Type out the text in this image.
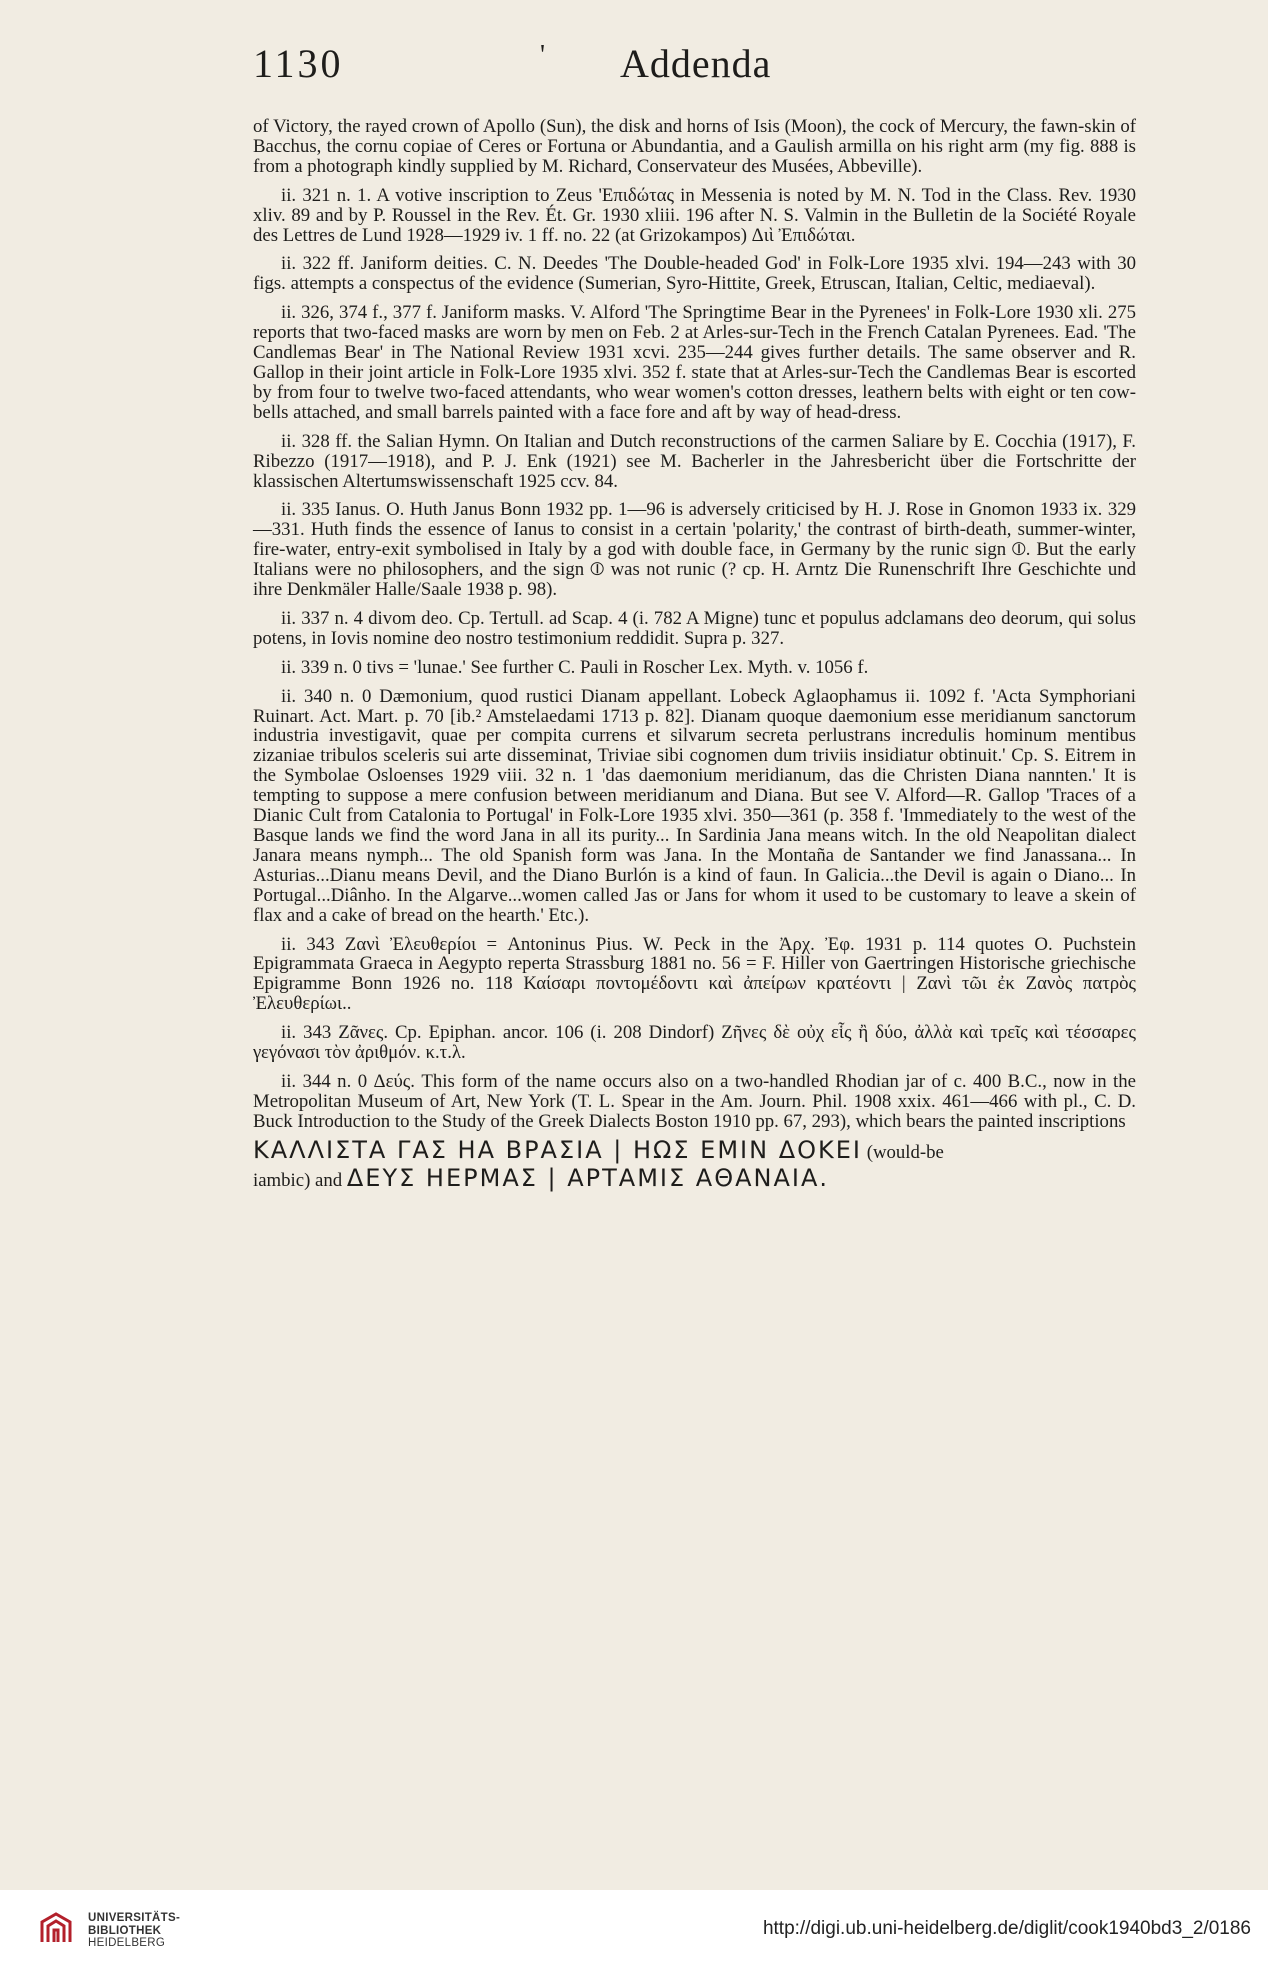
1130	' Addenda

of Victory, the rayed crown of Apollo (Sun), the disk and horns of Isis (Moon), the cock of Mercury, the fawn-skin of Bacchus, the cornu copiae of Ceres or Fortuna or Abundantia, and a Gaulish armilla on his right arm (my fig. 888 is from a photograph kindly supplied by M. Richard, Conservateur des Musées, Abbeville).

ii. 321 n. 1. A votive inscription to Zeus 'Επιδώτας in Messenia is noted by M. N. Tod in the Class. Rev. 1930 xliv. 89 and by P. Roussel in the Rev. Ét. Gr. 1930 xliii. 196 after N. S. Valmin in the Bulletin de la Société Royale des Lettres de Lund 1928—1929 iv. 1 ff. no. 22 (at Grizokampos) Διὶ Ἐπιδώται.

ii. 322 ff. Janiform deities. C. N. Deedes 'The Double-headed God' in Folk-Lore 1935 xlvi. 194—243 with 30 figs. attempts a conspectus of the evidence (Sumerian, Syro-Hittite, Greek, Etruscan, Italian, Celtic, mediaeval).

ii. 326, 374 f., 377 f. Janiform masks. V. Alford 'The Springtime Bear in the Pyrenees' in Folk-Lore 1930 xli. 275 reports that two-faced masks are worn by men on Feb. 2 at Arles-sur-Tech in the French Catalan Pyrenees. Ead. 'The Candlemas Bear' in The National Review 1931 xcvi. 235—244 gives further details. The same observer and R. Gallop in their joint article in Folk-Lore 1935 xlvi. 352 f. state that at Arles-sur-Tech the Candlemas Bear is escorted by from four to twelve two-faced attendants, who wear women's cotton dresses, leathern belts with eight or ten cow-bells attached, and small barrels painted with a face fore and aft by way of head-dress.

ii. 328 ff. the Salian Hymn. On Italian and Dutch reconstructions of the carmen Saliare by E. Cocchia (1917), F. Ribezzo (1917—1918), and P. J. Enk (1921) see M. Bacherler in the Jahresbericht über die Fortschritte der klassischen Altertumswissenschaft 1925 ccv. 84.

ii. 335 Ianus. O. Huth Janus Bonn 1932 pp. 1—96 is adversely criticised by H. J. Rose in Gnomon 1933 ix. 329—331. Huth finds the essence of Ianus to consist in a certain 'polarity,' the contrast of birth-death, summer-winter, fire-water, entry-exit symbolised in Italy by a god with double face, in Germany by the runic sign ⦶. But the early Italians were no philosophers, and the sign ⦶ was not runic (? cp. H. Arntz Die Runenschrift Ihre Geschichte und ihre Denkmäler Halle/Saale 1938 p. 98).

ii. 337 n. 4 divom deo. Cp. Tertull. ad Scap. 4 (i. 782 A Migne) tunc et populus adclamans deo deorum, qui solus potens, in Iovis nomine deo nostro testimonium reddidit. Supra p. 327.

ii. 339 n. 0 tivs = 'lunae.' See further C. Pauli in Roscher Lex. Myth. v. 1056 f.

ii. 340 n. 0 Dæmonium, quod rustici Dianam appellant. Lobeck Aglaophamus ii. 1092 f. 'Acta Symphoriani Ruinart. Act. Mart. p. 70 [ib.² Amstelaedami 1713 p. 82]. Dianam quoque daemonium esse meridianum sanctorum industria investigavit, quae per compita currens et silvarum secreta perlustrans incredulis hominum mentibus zizaniae tribulos sceleris sui arte disseminat, Triviae sibi cognomen dum triviis insidiatur obtinuit.' Cp. S. Eitrem in the Symbolae Osloenses 1929 viii. 32 n. 1 'das daemonium meridianum, das die Christen Diana nannten.' It is tempting to suppose a mere confusion between meridianum and Diana. But see V. Alford—R. Gallop 'Traces of a Dianic Cult from Catalonia to Portugal' in Folk-Lore 1935 xlvi. 350—361 (p. 358 f. 'Immediately to the west of the Basque lands we find the word Jana in all its purity... In Sardinia Jana means witch. In the old Neapolitan dialect Janara means nymph... The old Spanish form was Jana. In the Montaña de Santander we find Janassana... In Asturias...Dianu means Devil, and the Diano Burlón is a kind of faun. In Galicia...the Devil is again o Diano... In Portugal...Diânho. In the Algarve...women called Jas or Jans for whom it used to be customary to leave a skein of flax and a cake of bread on the hearth.' Etc.).

ii. 343 Ζανὶ Ἐλευθερίοι = Antoninus Pius. W. Peck in the Ἀρχ. Ἐφ. 1931 p. 114 quotes O. Puchstein Epigrammata Graeca in Aegypto reperta Strassburg 1881 no. 56 = F. Hiller von Gaertringen Historische griechische Epigramme Bonn 1926 no. 118 Καίσαρι ποντομέδοντι καὶ ἀπείρων κρατέοντι | Ζανὶ τῶι ἐκ Ζανὸς πατρὸς Ἐλευθερίωι..

ii. 343 Ζᾶνες. Cp. Epiphan. ancor. 106 (i. 208 Dindorf) Ζῆνες δὲ οὐχ εἷς ἢ δύο, ἀλλὰ καὶ τρεῖς καὶ τέσσαρες γεγόνασι τὸν ἀριθμόν. κ.τ.λ.

ii. 344 n. 0 Δεύς. This form of the name occurs also on a two-handled Rhodian jar of c. 400 B.C., now in the Metropolitan Museum of Art, New York (T. L. Spear in the Am. Journ. Phil. 1908 xxix. 461—466 with pl., C. D. Buck Introduction to the Study of the Greek Dialects Boston 1910 pp. 67, 293), which bears the painted inscriptions

ΚΑΛΛΙΣΤΑ ΓΑΣ ΗΑ ΒΡΑΣΙΑ | ΗΩΣ ΕΜΙΝ ΔΟΚΕΙ (would-be
iambic) and ΔΕΥΣ ΗΕΡΜΑΣ | ΑΡΤΑΜΙΣ ΑΘΑΝΑΙΑ.
UNIVERSITÄTS-
BIBLIOTHEK
HEIDELBERG
http://digi.ub.uni-heidelberg.de/diglit/cook1940bd3_2/0186
